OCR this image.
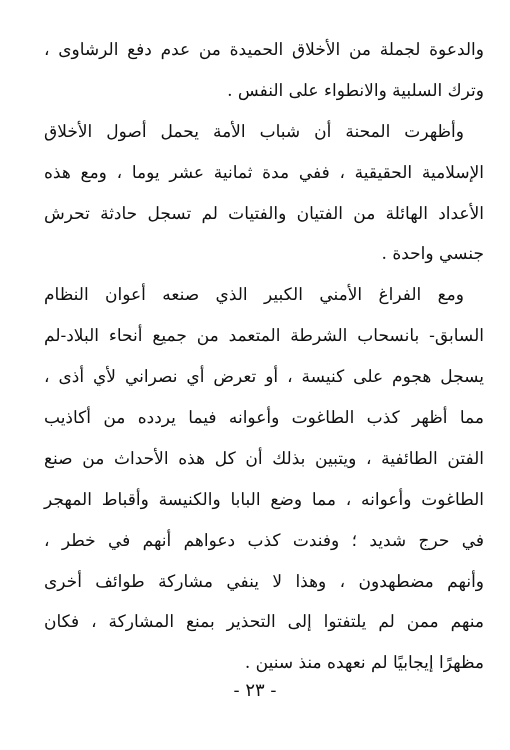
والدعوة لجملة من الأخلاق الحميدة من عدم دفع الرشاوى ،
وترك السلبية والانطواء على النفس .
وأظهرت المحنة أن شباب الأمة يحمل أصول الأخلاق
الإسلامية الحقيقية ، ففي مدة ثمانية عشر يوما ، ومع هذه
الأعداد الهائلة من الفتيان والفتيات لم تسجل حادثة تحرش
جنسي واحدة .
ومع الفراغ الأمني الكبير الذي صنعه أعوان النظام
السابق- بانسحاب الشرطة المتعمد من جميع أنحاء البلاد-لم
يسجل هجوم على كنيسة ، أو تعرض أي نصراني لأي أذى ،
مما أظهر كذب الطاغوت وأعوانه فيما يردده من أكاذيب
الفتن الطائفية ، ويتبين بذلك أن كل هذه الأحداث من صنع
الطاغوت وأعوانه ، مما وضع البابا والكنيسة وأقباط المهجر
في حرج شديد ؛ وفندت كذب دعواهم أنهم في خطر ،
وأنهم مضطهدون ، وهذا لا ينفي مشاركة طوائف أخرى
منهم ممن لم يلتفتوا إلى التحذير بمنع المشاركة ، فكان
مظهرًا إيجابيًا لم نعهده منذ سنين .
- ٢٣ -
